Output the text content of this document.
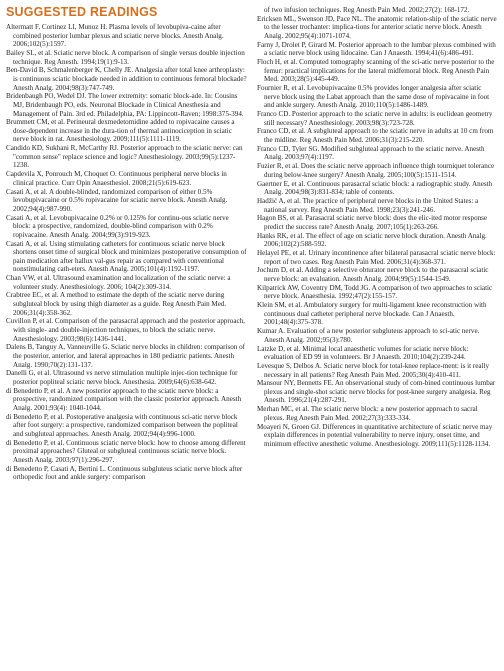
SUGGESTED READINGS
Altermatt F, Cortinez LI, Munoz H. Plasma levels of levobupiva-caine after combined posterior lumbar plexus and sciatic nerve blocks. Anesth Analg. 2006;102(5):1597.
Bailey SL, et al. Sciatic nerve block. A comparison of single versus double injection technique. Reg Anesth. 1994;19(1):9-13.
Ben-David B, Schmalenberger K, Chelly JE. Analgesia after total knee arthroplasty: is continuous sciatic blockade needed in addition to continuous femoral blockade? Anesth Analg. 2004;98(3):747-749.
Bridenbaugh PO, Wedel DJ. The lower extremity: somatic block-ade. In: Cousins MJ, Bridenbaugh PO, eds. Neuronal Blockade in Clinical Anesthesia and Management of Pain. 3rd ed. Philadelphia, PA: Lippincott-Raven; 1998:375-394.
Brummett CM, et al. Perineural dexmedetomidine added to ropivacaine causes a dose-dependent increase in the dura-tion of thermal antinociception in sciatic nerve block in rat. Anesthesiology. 2009;111(5):1111-1119.
Candido KD, Sukhani R, McCarthy RJ. Posterior approach to the sciatic nerve: can "common sense" replace science and logic? Anesthesiology. 2003;99(5):1237-1238.
Capdevila X, Ponrouch M, Choquet O. Continuous peripheral nerve blocks in clinical practice. Curr Opin Anaesthesiol. 2008;21(5):619-623.
Casati A, et al. A double-blinded, randomized comparison of either 0.5% levobupivacaine or 0.5% ropivacaine for sciatic nerve block. Anesth Analg. 2002;94(4):987-990.
Casati A, et al. Levobupivacaine 0.2% or 0.125% for continu-ous sciatic nerve block: a prospective, randomized, double-blind comparison with 0.2% ropivacaine. Anesth Analg. 2004;99(3):919-923.
Casati A, et al. Using stimulating catheters for continuous sciatic nerve block shortens onset time of surgical block and minimizes postoperative consumption of pain medication after hallux val-gus repair as compared with conventional nonstimulating cath-eters. Anesth Analg. 2005;101(4):1192-1197.
Chan VW, et al. Ultrasound examination and localization of the sciatic nerve: a volunteer study. Anesthesiology. 2006; 104(2):309-314.
Crabtree EC, et al. A method to estimate the depth of the sciatic nerve during subgluteal block by using thigh diameter as a guide. Reg Anesth Pain Med. 2006;31(4):358-362.
Cuvillon P, et al. Comparison of the parasacral approach and the posterior approach, with single- and double-injection techniques, to block the sciatic nerve. Anesthesiology. 2003;98(6):1436-1441.
Dalens B, Tanguy A, Vanneuville G. Sciatic nerve blocks in children: comparison of the posterior, anterior, and lateral approaches in 180 pediatric patients. Anesth Analg. 1990;70(2):131-137.
Danelli G, et al. Ultrasound vs nerve stimulation multiple injec-tion technique for posterior popliteal sciatic nerve block. Anesthesia. 2009;64(6):638-642.
di Benedetto P, et al. A new posterior approach to the sciatic nerve block: a prospective, randomized comparison with the classic posterior approach. Anesth Analg. 2001;93(4): 1040-1044.
di Benedetto P, et al. Postoperative analgesia with continuous sci-atic nerve block after foot surgery: a prospective, randomized comparison between the popliteal and subgluteal approaches. Anesth Analg. 2002;94(4):996-1000.
di Benedetto P, et al. Continuous sciatic nerve block: how to choose among different proximal approaches? Gluteal or subgluteal continuous sciatic nerve block. Anesth Analg. 2003;97(1):296-297.
di Benedetto P, Casati A, Bertini L. Continuous subgluteus sciatic nerve block after orthopedic foot and ankle surgery: comparison

of two infusion techniques. Reg Anesth Pain Med. 2002;27(2): 168-172.

Ericksen ML, Swenson JD, Pace NL. The anatomic relation-ship of the sciatic nerve to the lesser trochanter: implica-tions for anterior sciatic nerve block. Anesth Analg. 2002;95(4):1071-1074.
Farny J, Drolet P, Girard M. Posterior approach to the lumbar plexus combined with a sciatic nerve block using lidocaine. Can J Anaesth. 1994;41(6):486-491.
Floch H, et al. Computed tomography scanning of the sci-atic nerve posterior to the femur: practical implications for the lateral midfemoral block. Reg Anesth Pain Med. 2003;28(5):445-449.
Fournier R, et al. Levobupivacaine 0.5% provides longer analgesia after sciatic nerve block using the Labat approach than the same dose of ropivacaine in foot and ankle surgery. Anesth Analg. 2010;110(5):1486-1489.
Franco CD. Posterior approach to the sciatic nerve in adults: is euclidean geometry still necessary? Anesthesiology. 2003;98(3):723-728.
Franco CD, et al. A subgluteal approach to the sciatic nerve in adults at 10 cm from the midline. Reg Anesth Pain Med. 2006;31(3):215-220.
Franco CD, Tyler SG. Modified subgluteal approach to the sciatic nerve. Anesth Analg. 2003;97(4):1197.
Fuzier R, et al. Does the sciatic nerve approach influence thigh tourniquet tolerance during below-knee surgery? Anesth Analg. 2005;100(5):1511-1514.
Gaertner E, et al. Continuous parasacral sciatic block: a radiographic study. Anesth Analg. 2004;98(3):831-834; table of contents.
Hadžić A, et al. The practice of peripheral nerve blocks in the United States: a national survey. Reg Anesth Pain Med. 1998;23(3):241-246.
Hagon BS, et al. Parasacral sciatic nerve block: does the elic-ited motor response predict the success rate? Anesth Analg. 2007;105(1):263-266.
Hanks RK, et al. The effect of age on sciatic nerve block duration. Anesth Analg. 2006;102(2):588-592.
Helayel PE, et al. Urinary incontinence after bilateral parasacral sciatic nerve block: report of two cases. Reg Anesth Pain Med. 2006;31(4):368-371.
Jochum D, et al. Adding a selective obturator nerve block to the parasacral sciatic nerve block: an evaluation. Anesth Analg. 2004;99(5):1544-1549.
Kilpatrick AW, Coventry DM, Todd JG. A comparison of two approaches to sciatic nerve block. Anaesthesia. 1992;47(2):155-157.
Klein SM, et al. Ambulatory surgery for multi-ligament knee reconstruction with continuous dual catheter peripheral nerve blockade. Can J Anaesth. 2001;48(4):375-378.
Kumar A. Evaluation of a new posterior subgluteus approach to sci-atic nerve. Anesth Analg. 2002;95(3):780.
Latzke D, et al. Minimal local anaesthetic volumes for sciatic nerve block: evaluation of ED 99 in volunteers. Br J Anaesth. 2010;104(2):239-244.
Levesque S, Delbos A. Sciatic nerve block for total-knee replace-ment: is it really necessary in all patients? Reg Anesth Pain Med. 2005;30(4):410-411.
Mansour NY, Bennetts FE. An observational study of com-bined continuous lumbar plexus and single-shot sciatic nerve blocks for post-knee surgery analgesia. Reg Anesth. 1996;21(4):287-291.
Merhan MC, et al. The sciatic nerve block: a new posterior approach to sacral plexus. Reg Anesth Pain Med. 2002;27(3):333-334.
Moayeri N, Groen GJ. Differences in quantitative architecture of sciatic nerve may explain differences in potential vulnerability to nerve injury, onset time, and minimum effective anesthetic volume. Anesthesiology. 2009;111(5):1128-1134.
